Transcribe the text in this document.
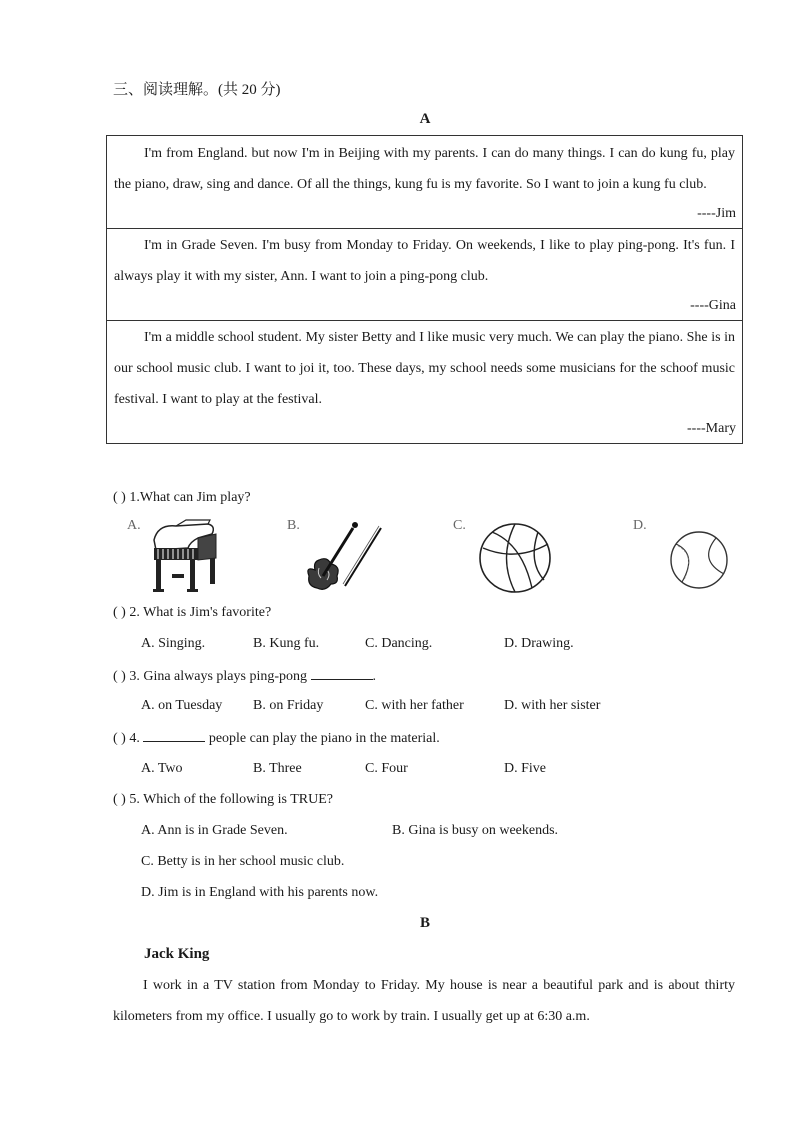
三、阅读理解。(共 20 分)
A
I'm from England. but now I'm in Beijing with my parents. I can do many things. I can do kung fu, play the piano, draw, sing and dance. Of all the things, kung fu is my favorite. So I want to join a kung fu club.
----Jim
I'm in Grade Seven. I'm busy from Monday to Friday. On weekends, I like to play ping-pong. It's fun. I always play it with my sister, Ann. I want to join a ping-pong club.
----Gina
I'm a middle school student. My sister Betty and I like music very much. We can play the piano. She is in our school music club. I want to joi it, too. These days, my school needs some musicians for the schoof music festival. I want to play at the festival.
----Mary
( ) 1.What can Jim play?
A.	B.	C.	D.
( ) 2. What is Jim's favorite?
A. Singing.	B. Kung fu.	C. Dancing.	D. Drawing.
( ) 3. Gina always plays ping-pong	.
A. on Tuesday B. on Friday	C. with her father	D. with her sister
( ) 4.	people can play the piano in the material.
A. Two	B. Three	C. Four	D. Five
( ) 5. Which of the following is TRUE?
A. Ann is in Grade Seven.	B. Gina is busy on weekends.
C. Betty is in her school music club.
D. Jim is in England with his parents now.
B
Jack King
I work in a TV station from Monday to Friday. My house is near a beautiful park and is about thirty kilometers from my office. I usually go to work by train. I usually get up at 6:30 a.m.
